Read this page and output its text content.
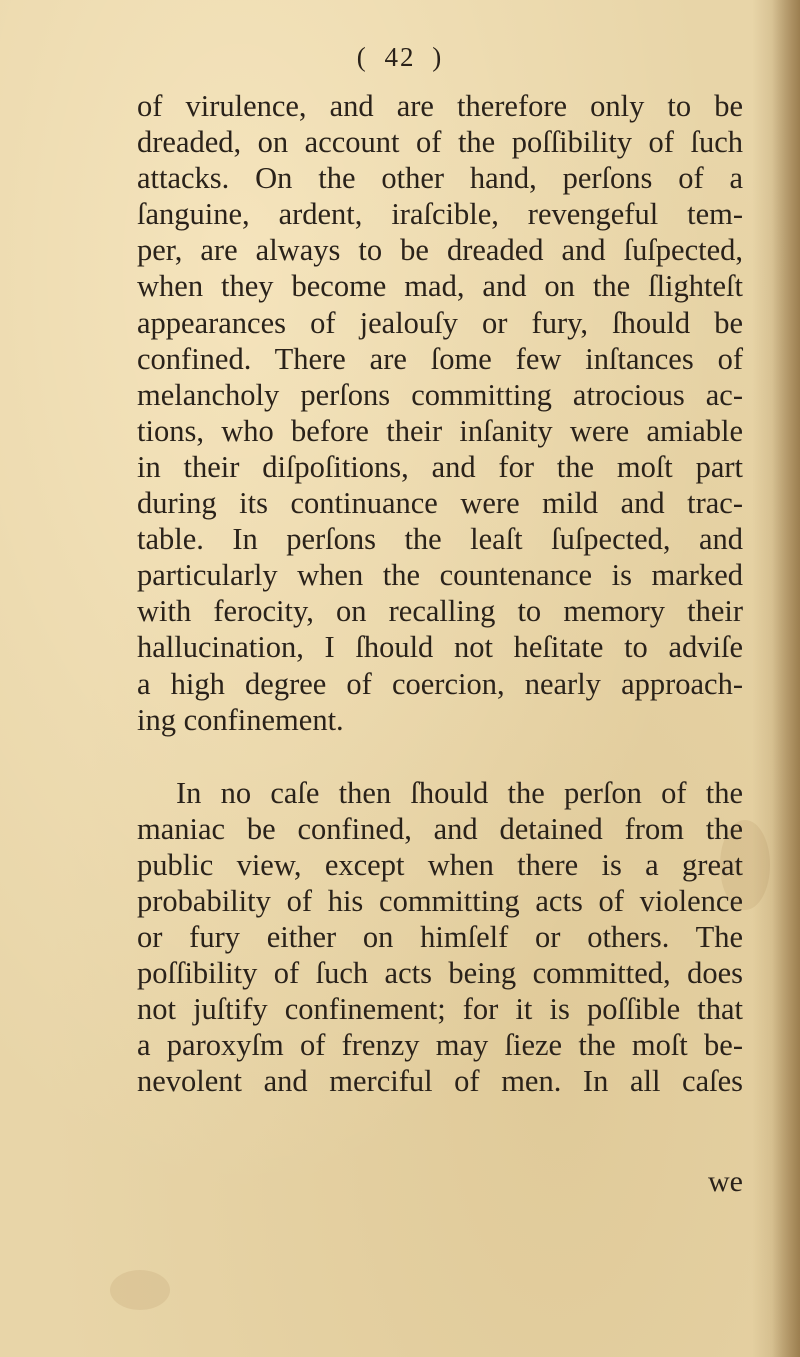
( 42 )
of virulence, and are therefore only to be
dreaded, on account of the poſſibility of ſuch
attacks. On the other hand, perſons of a
ſanguine, ardent, iraſcible, revengeful tem-
per, are always to be dreaded and ſuſpected,
when they become mad, and on the ſlighteſt
appearances of jealouſy or fury, ſhould be
confined. There are ſome few inſtances of
melancholy perſons committing atrocious ac-
tions, who before their inſanity were amiable
in their diſpoſitions, and for the moſt part
during its continuance were mild and trac-
table. In perſons the leaſt ſuſpected, and
particularly when the countenance is marked
with ferocity, on recalling to memory their
hallucination, I ſhould not heſitate to adviſe
a high degree of coercion, nearly approach-
ing confinement.
In no caſe then ſhould the perſon of the
maniac be confined, and detained from the
public view, except when there is a great
probability of his committing acts of violence
or fury either on himſelf or others. The
poſſibility of ſuch acts being committed, does
not juſtify confinement; for it is poſſible that
a paroxyſm of frenzy may ſieze the moſt be-
nevolent and merciful of men. In all caſes
we
